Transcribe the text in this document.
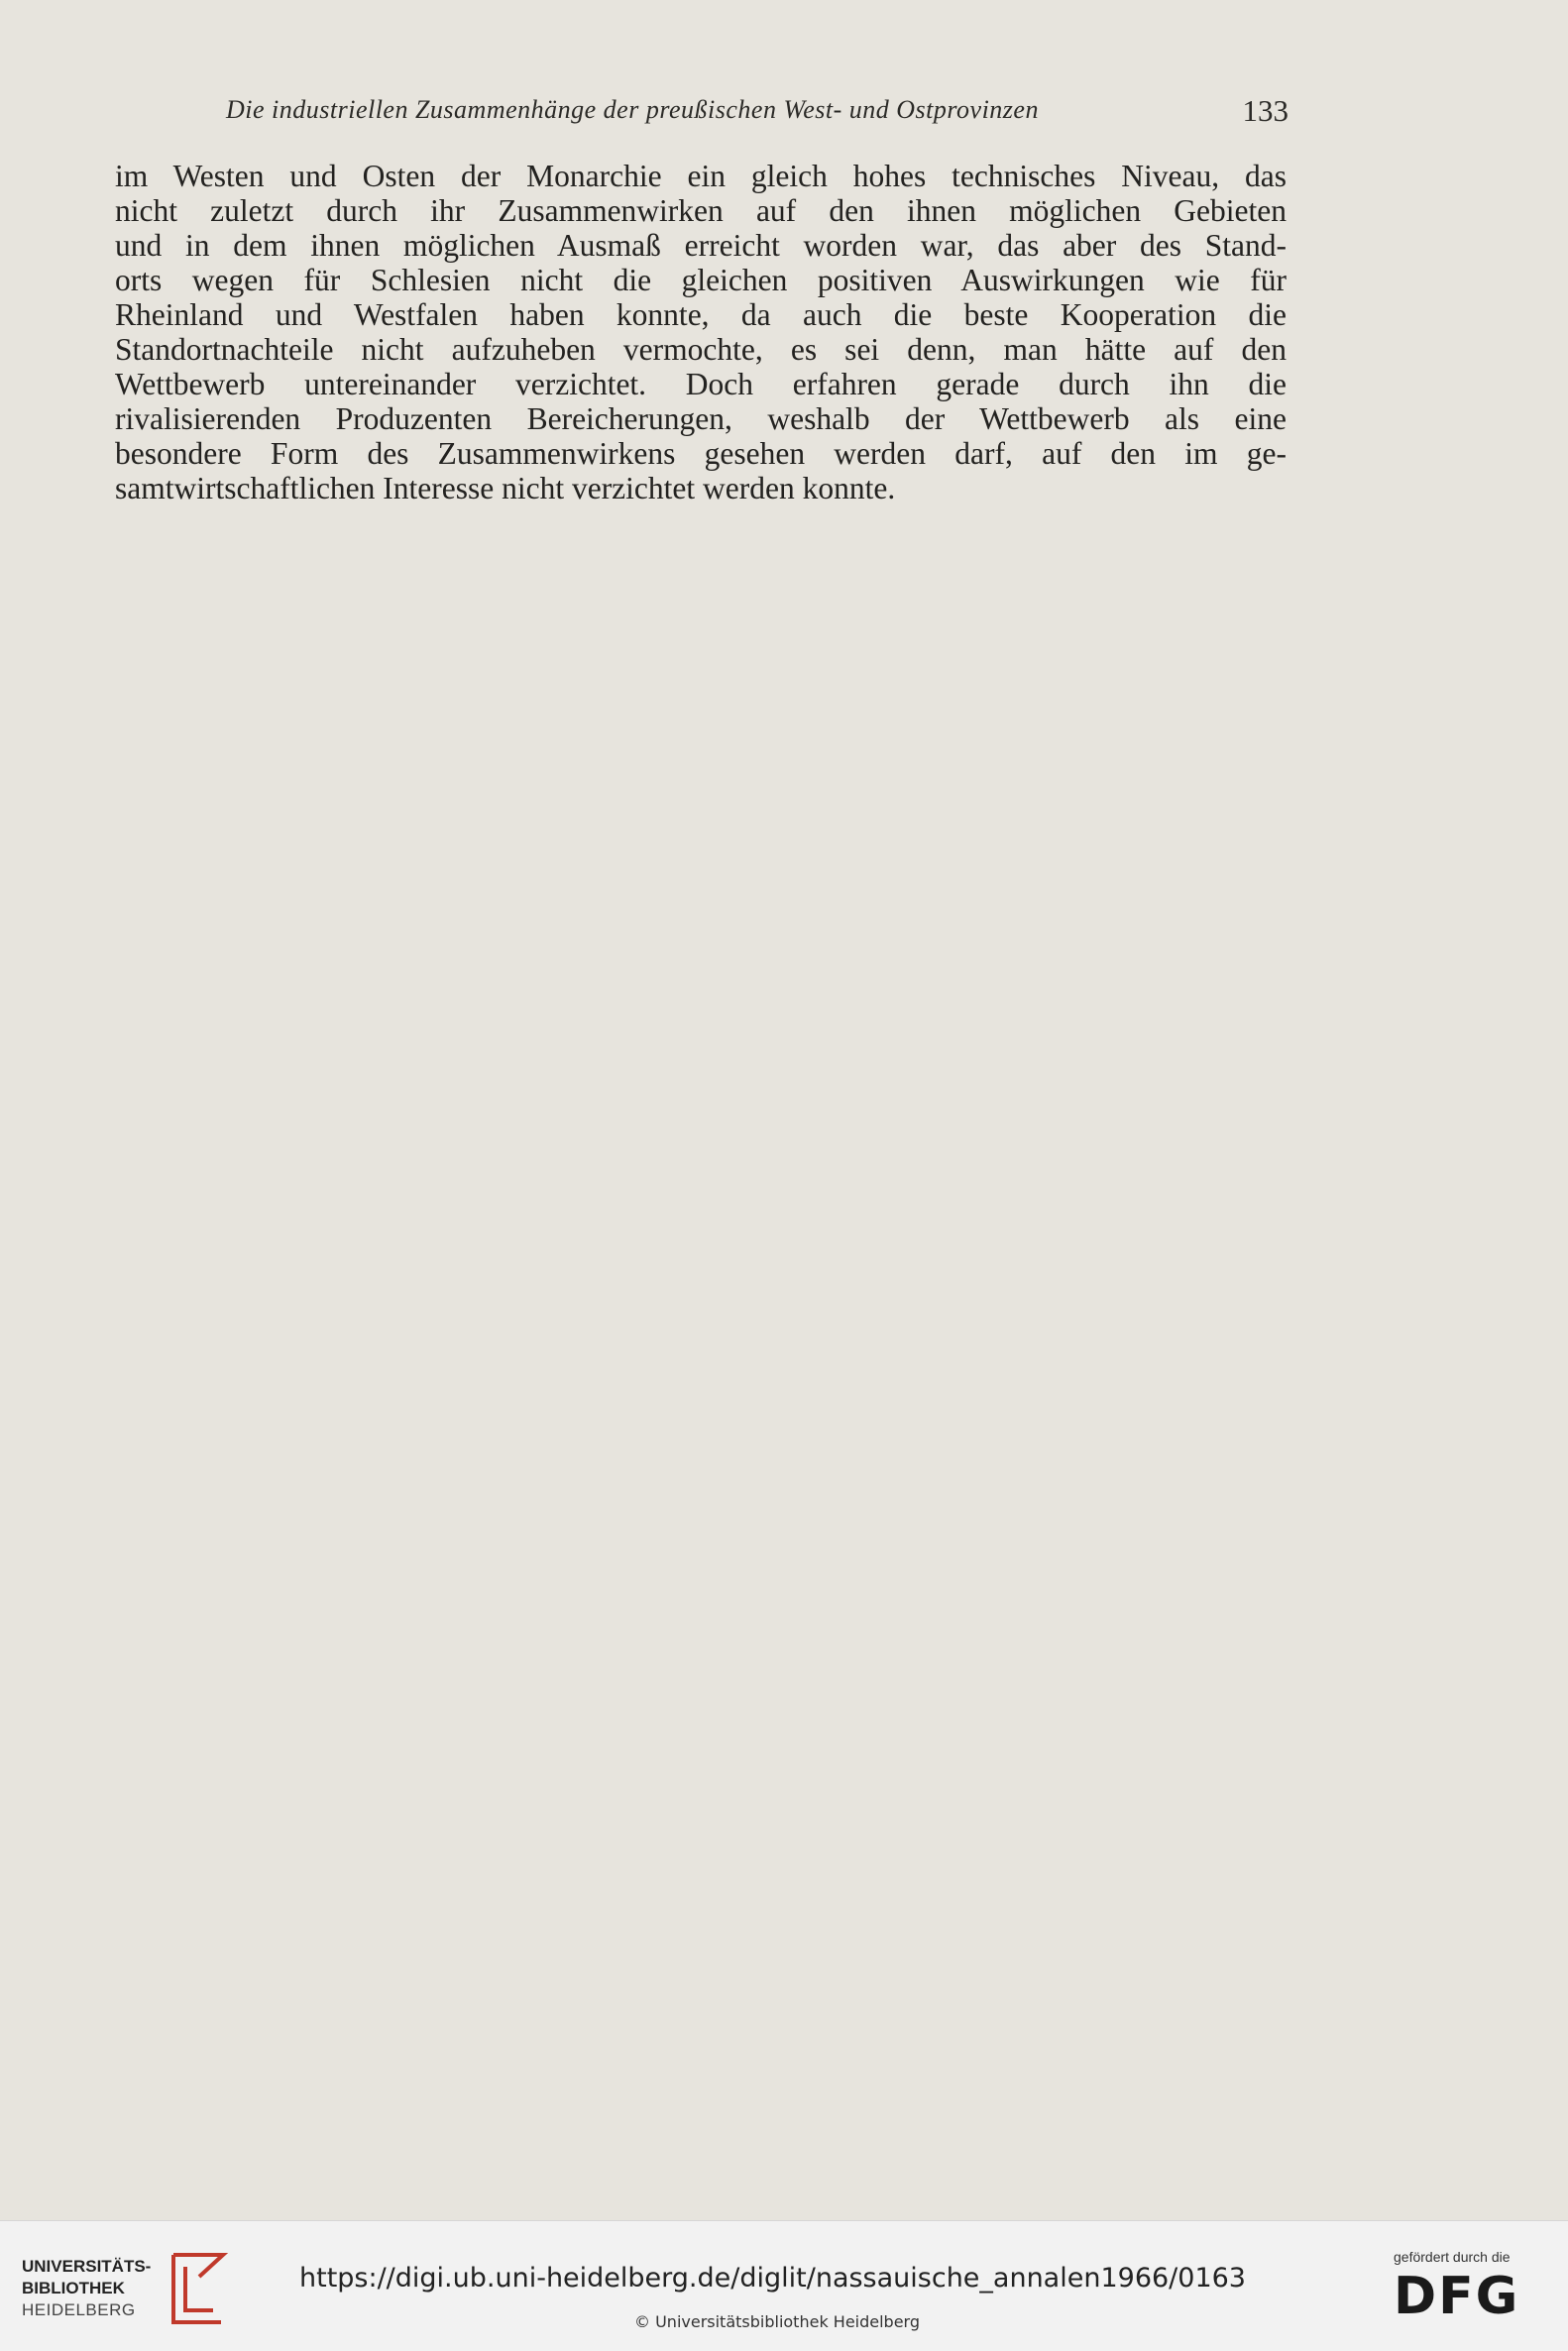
Die industriellen Zusammenhänge der preußischen West- und Ostprovinzen	133
im Westen und Osten der Monarchie ein gleich hohes technisches Niveau, das
nicht zuletzt durch ihr Zusammenwirken auf den ihnen möglichen Gebieten
und in dem ihnen möglichen Ausmaß erreicht worden war, das aber des Stand-
orts wegen für Schlesien nicht die gleichen positiven Auswirkungen wie für
Rheinland und Westfalen haben konnte, da auch die beste Kooperation die
Standortnachteile nicht aufzuheben vermochte, es sei denn, man hätte auf den
Wettbewerb untereinander verzichtet. Doch erfahren gerade durch ihn die
rivalisierenden Produzenten Bereicherungen, weshalb der Wettbewerb als eine
besondere Form des Zusammenwirkens gesehen werden darf, auf den im ge-
samtwirtschaftlichen Interesse nicht verzichtet werden konnte.
UNIVERSITÄTS-
BIBLIOTHEK
HEIDELBERG
https://digi.ub.uni-heidelberg.de/diglit/nassauische_annalen1966/0163
© Universitätsbibliothek Heidelberg
gefördert durch die
DFG
